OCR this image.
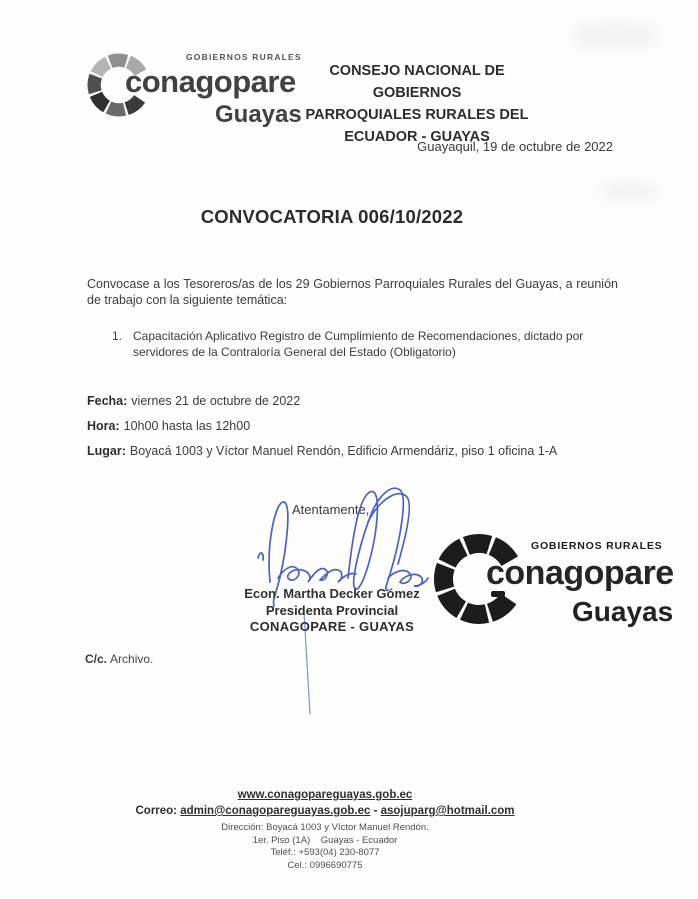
GOBIERNOS RURALES
conagopare
Guayas
CONSEJO NACIONAL DE GOBIERNOS
PARROQUIALES RURALES DEL
ECUADOR - GUAYAS
Guayaquil, 19 de octubre de 2022
CONVOCATORIA 006/10/2022

Convocase a los Tesoreros/as de los 29 Gobiernos Parroquiales Rurales del Guayas, a reunión de trabajo con la siguiente temática:

1. Capacitación Aplicativo Registro de Cumplimiento de Recomendaciones, dictado por servidores de la Contraloría General del Estado (Obligatorio)
Fecha: viernes 21 de octubre de 2022
Hora: 10h00 hasta las 12h00
Lugar: Boyacá 1003 y Víctor Manuel Rendón, Edificio Armendáriz, piso 1 oficina 1-A
Atentamente,
Econ. Martha Decker Gómez
Presidenta Provincial
CONAGOPARE - GUAYAS
GOBIERNOS RURALES
conagopare
Guayas
C/c. Archivo.
www.conagopareguayas.gob.ec
Correo: admin@conagopareguayas.gob.ec - asojuparg@hotmail.com
Dirección: Boyacá 1003 y Víctor Manuel Rendón.
1er. Piso (1A)    Guayas - Ecuador
Teléf.: +593(04) 230-8077
Cel.: 0996690775
